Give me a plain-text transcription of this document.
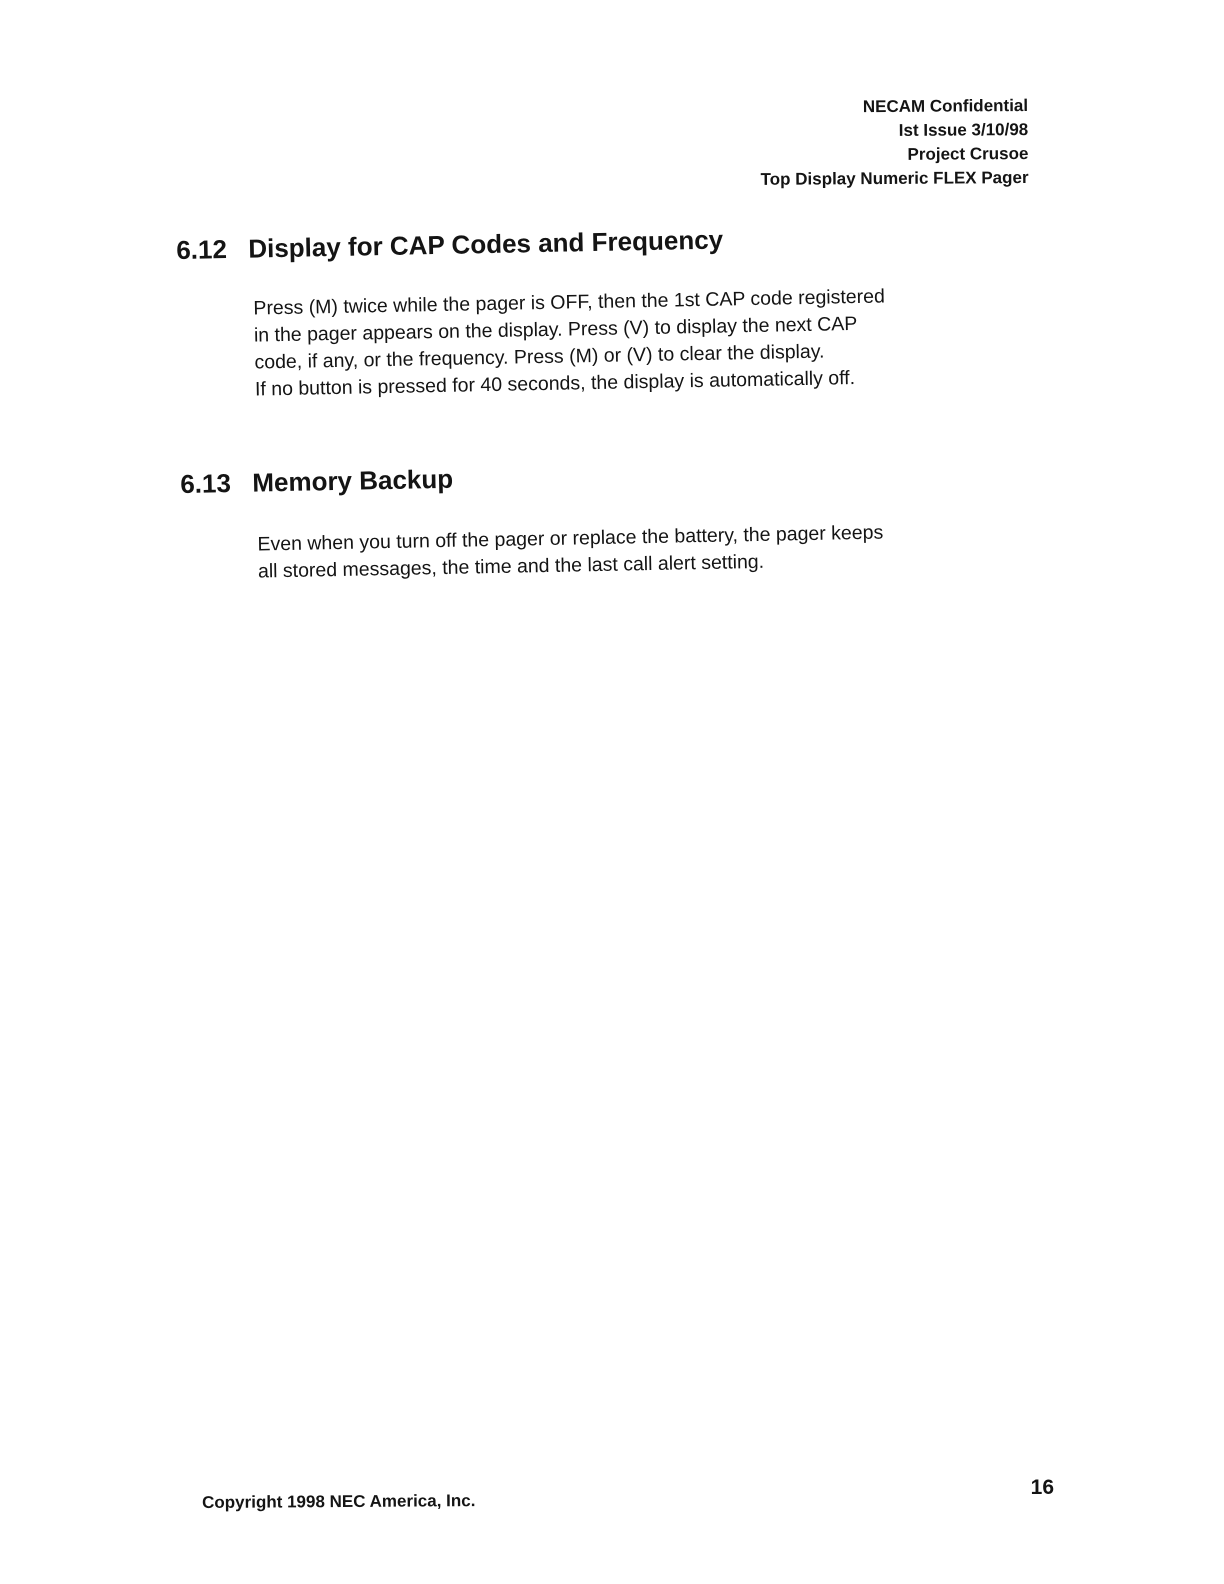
NECAM Confidential
Ist Issue 3/10/98
Project Crusoe
Top Display Numeric FLEX Pager
6.12 Display for CAP Codes and Frequency
Press (M) twice while the pager is OFF, then the 1st CAP code registered
in the pager appears on the display. Press (V) to display the next CAP
code, if any, or the frequency. Press (M) or (V) to clear the display.
If no button is pressed for 40 seconds, the display is automatically off.
6.13 Memory Backup
Even when you turn off the pager or replace the battery, the pager keeps
all stored messages, the time and the last call alert setting.
Copyright 1998 NEC America, Inc.
16
